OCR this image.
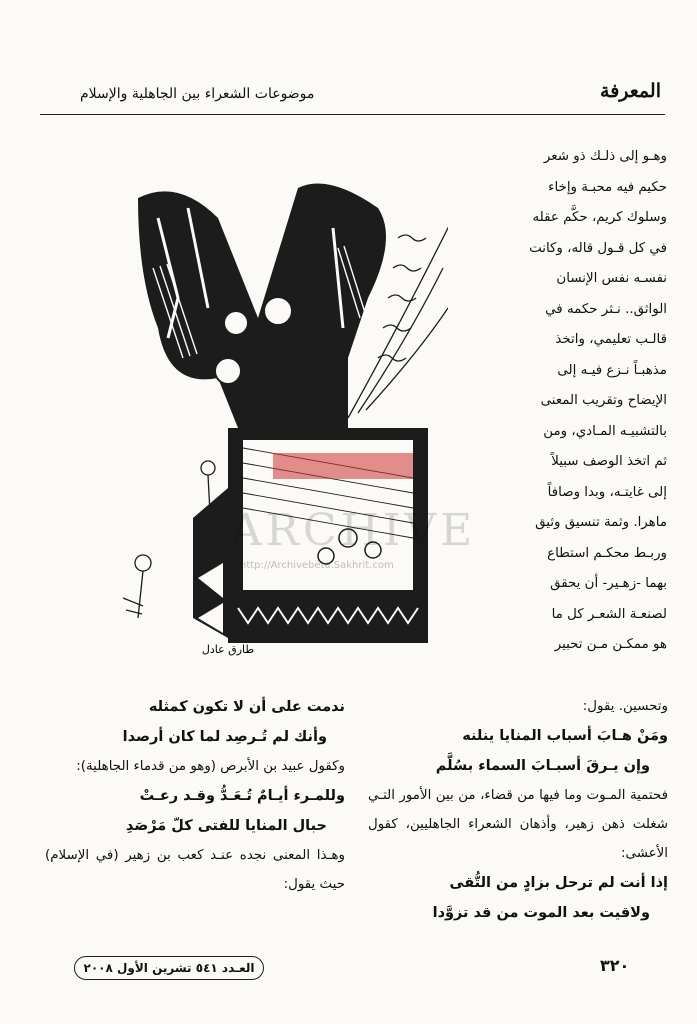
المعرفة
موضوعات الشعراء بين الجاهلية والإسلام

وهـو إلى ذلـك ذو شعر

حكيم فيه محبـة وإخاء

وسلوك كريم، حكَّم عقله

في كل قـول قاله، وكانت

نفسـه نفس الإنسان

الواثق.. نـثر حكمه في

قالـب تعليمي، واتخذ

مذهبـاً نـزع فيـه إلى

الإيضاح وتقريب المعنى

بالتشبيـه المـادي، ومن

ثم اتخذ الوصف سبيلاً

إلى غايتـه، وبدا وصافاً

ماهرا. وثمة تنسيق وثيق

وربـط محكـم استطاع

بهما -زهـير- أن يحقق

لصنعـة الشعـر كل ما

هو ممكـن مـن تحبير

طارق عادل
ARCHIVE
http://Archivebeta.Sakhrit.com

وتحسين. يقول:

ومَنْ هـابَ أسباب المنايا ينلنه

وإن يـرقَ أسبـابَ السماء بسُلَّم

فحتمية المـوت وما فيها من قضاء، من بين الأمور التـي شغلت ذهن زهير، وأذهان الشعراء الجاهليين، كقول الأعشى:

إذا أنت لم ترحل بزادٍ من التُّقى

ولاقيت بعد الموت من قد تزوَّدا

ندمت على أن لا تكون كمثله

وأنك لم تُـرصِد لما كان أرصدا

وكقول عبيد بن الأبرص (وهو من قدماء الجاهلية):

وللمـرء أيـامٌ تُـعَـدُّ وقـد رعـتْ

حبال المنايا للفتى كلّ مَرْصَدِ

وهـذا المعنى نجده عنـد كعب بن زهير (في الإسلام) حيث يقول:

العـدد ٥٤١ تشرين الأول ٢٠٠٨	٣٢٠
